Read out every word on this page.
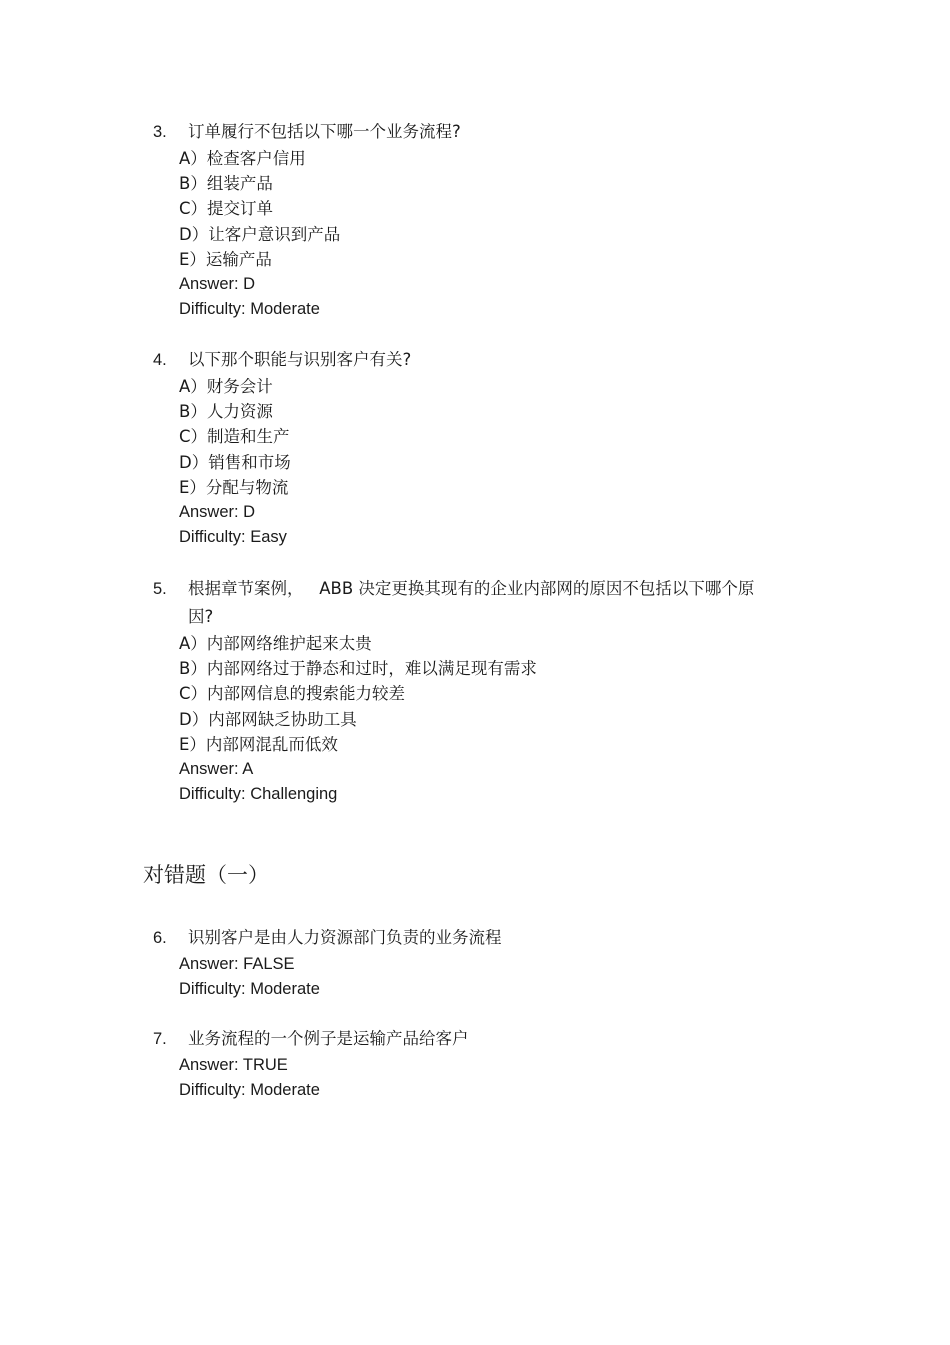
3.	订单履行不包括以下哪一个业务流程?
A）检查客户信用
B）组装产品
C）提交订单
D）让客户意识到产品
E）运输产品
Answer: D
Difficulty: Moderate
4.	以下那个职能与识别客户有关?
A）财务会计
B）人力资源
C）制造和生产
D）销售和市场
E）分配与物流
Answer: D
Difficulty: Easy
5.	根据章节案例，   ABB 决定更换其现有的企业内部网的原因不包括以下哪个原因?
A）内部网络维护起来太贵
B）内部网络过于静态和过时，难以满足现有需求
C）内部网信息的搜索能力较差
D）内部网缺乏协助工具
E）内部网混乱而低效
Answer: A
Difficulty: Challenging
对错题（一）
6.	识别客户是由人力资源部门负责的业务流程
Answer: FALSE
Difficulty: Moderate
7.	业务流程的一个例子是运输产品给客户
Answer: TRUE
Difficulty: Moderate
